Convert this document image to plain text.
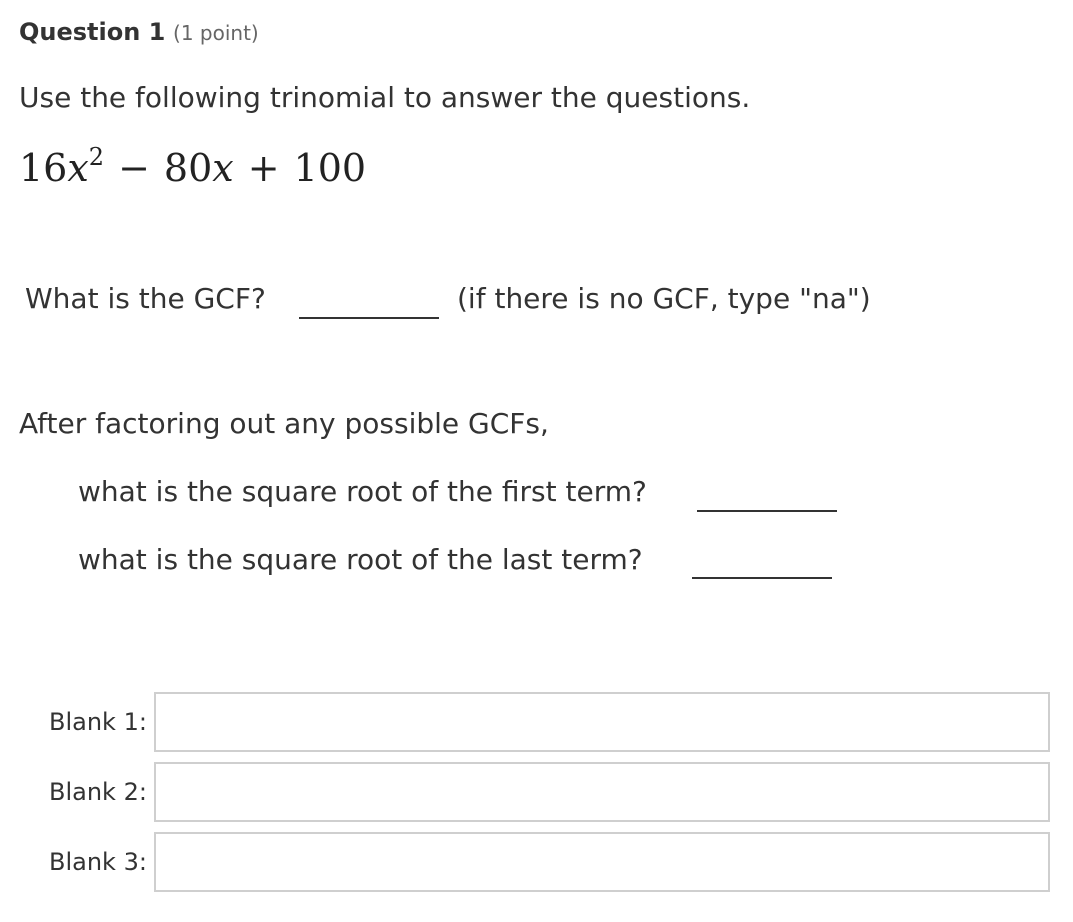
Question 1 (1 point)
Use the following trinomial to answer the questions.
$16x^2 - 80x + 100$
What is the GCF?	(if there is no GCF, type "na")
After factoring out any possible GCFs,
what is the square root of the first term?
what is the square root of the last term?
Blank 1:
Blank 2:
Blank 3:
